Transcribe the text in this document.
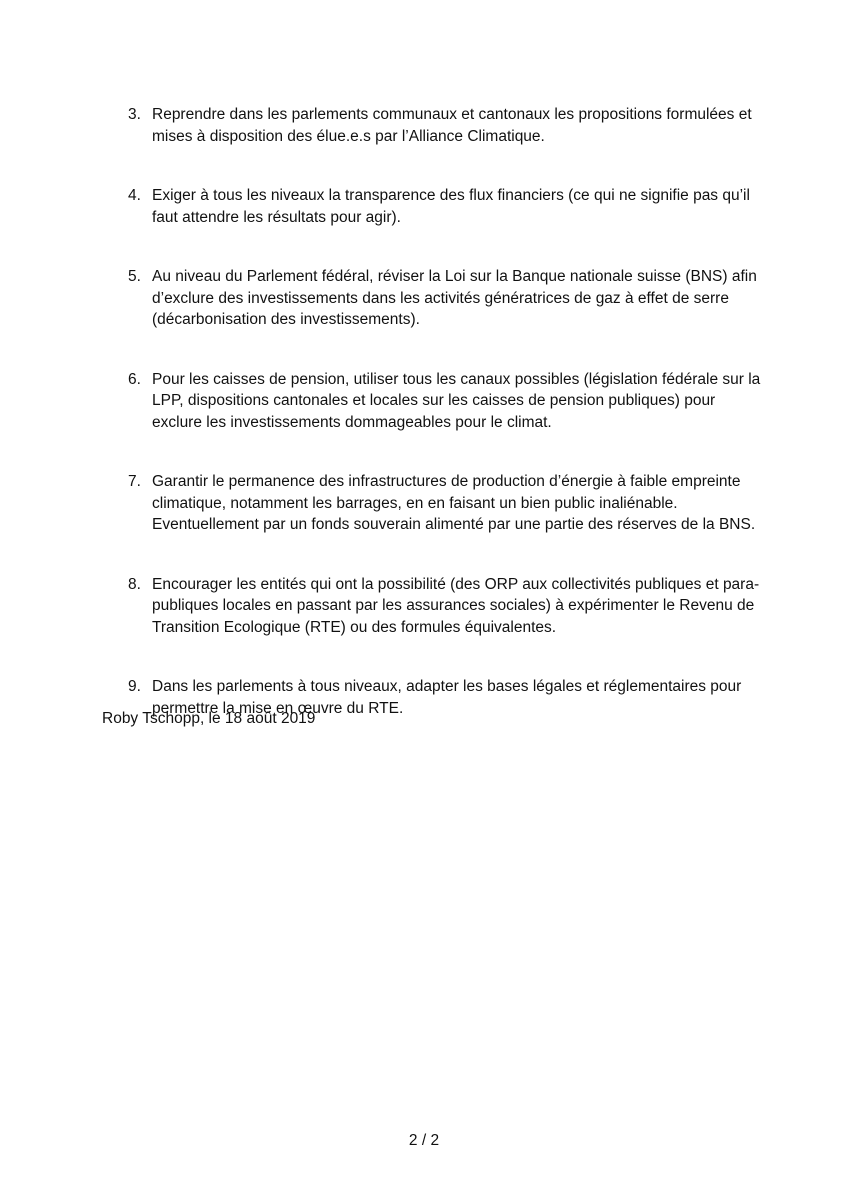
3. Reprendre dans les parlements communaux et cantonaux les propositions formulées et mises à disposition des élue.e.s par l’Alliance Climatique.
4. Exiger à tous les niveaux la transparence des flux financiers (ce qui ne signifie pas qu’il faut attendre les résultats pour agir).
5. Au niveau du Parlement fédéral, réviser la Loi sur la Banque nationale suisse (BNS) afin d’exclure des investissements dans les activités génératrices de gaz à effet de serre (décarbonisation des investissements).
6. Pour les caisses de pension, utiliser tous les canaux possibles (législation fédérale sur la LPP, dispositions cantonales et locales sur les caisses de pension publiques) pour exclure les investissements dommageables pour le climat.
7. Garantir le permanence des infrastructures de production d’énergie à faible empreinte climatique, notamment les barrages, en en faisant un bien public inaliénable. Eventuellement par un fonds souverain alimenté par une partie des réserves de la BNS.
8. Encourager les entités qui ont la possibilité (des ORP aux collectivités publiques et para-publiques locales en passant par les assurances sociales) à expérimenter le Revenu de Transition Ecologique (RTE) ou des formules équivalentes.
9. Dans les parlements à tous niveaux, adapter les bases légales et réglementaires pour permettre la mise en œuvre du RTE.
Roby Tschopp, le 18 août 2019
2 / 2
